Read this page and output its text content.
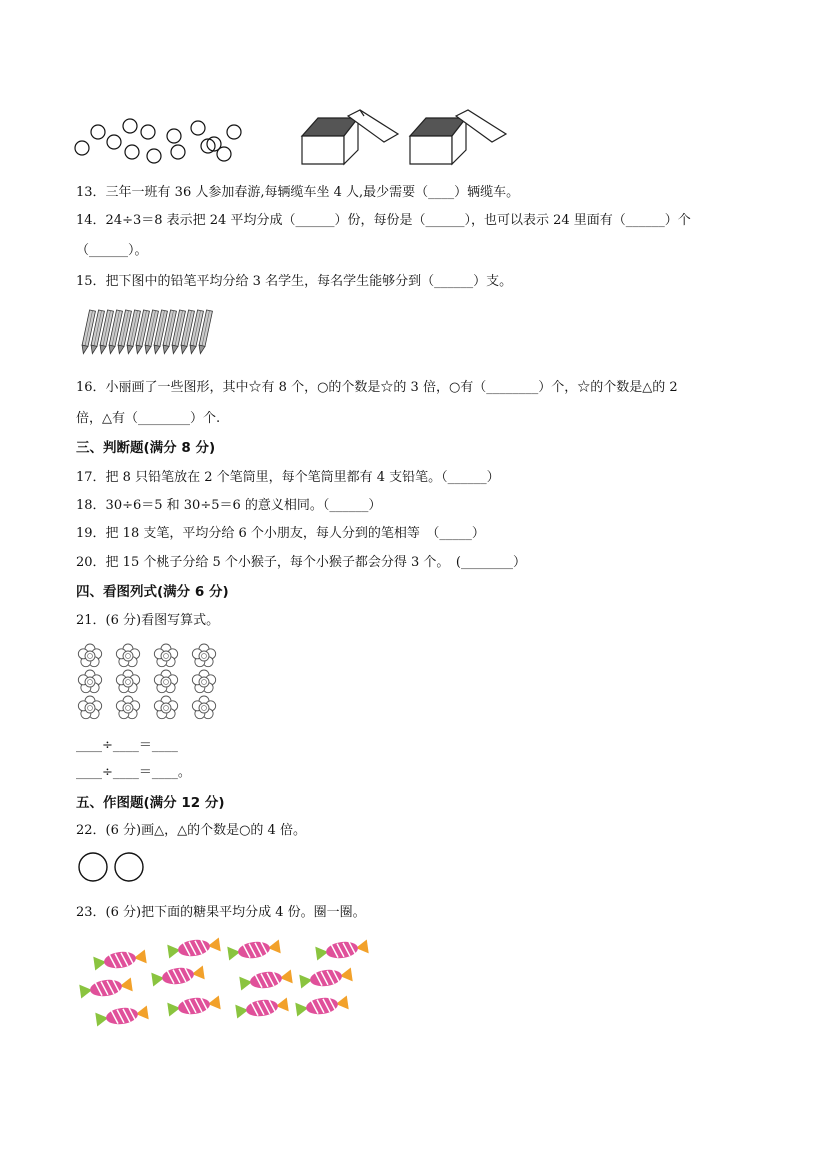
13．三年一班有 36 人参加春游,每辆缆车坐 4 人,最少需要（____）辆缆车。
14．24÷3＝8 表示把 24 平均分成（______）份，每份是（______），也可以表示 24 里面有（______）个
（______）。
15．把下图中的铅笔平均分给 3 名学生，每名学生能够分到（______）支。
16．小丽画了一些图形，其中☆有 8 个，○的个数是☆的 3 倍，○有（________）个，☆的个数是△的 2
倍，△有（________）个.
三、判断题(满分 8 分)
17．把 8 只铅笔放在 2 个笔筒里，每个笔筒里都有 4 支铅笔。（______）
18．30÷6＝5 和 30÷5＝6 的意义相同。（______）
19．把 18 支笔，平均分给 6 个小朋友，每人分到的笔相等　（_____）
20．把 15 个桃子分给 5 个小猴子，每个小猴子都会分得 3 个。　(________）
四、看图列式(满分 6 分)
21．(6 分)看图写算式。
____÷____＝____
____÷____＝____。
五、作图题(满分 12 分)
22．(6 分)画△，△的个数是○的 4 倍。
23．(6 分)把下面的糖果平均分成 4 份。圈一圈。
